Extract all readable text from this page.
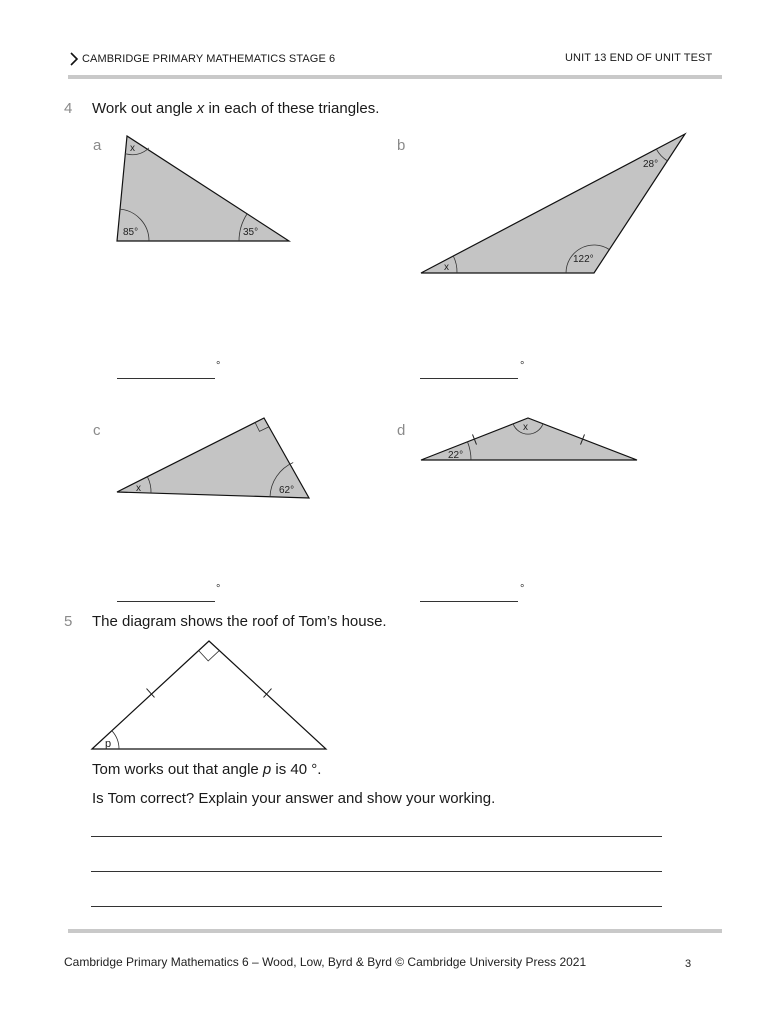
CAMBRIDGE PRIMARY MATHEMATICS STAGE 6	UNIT 13 END OF UNIT TEST
4 Work out angle x in each of these triangles.
a	x
85°	35°
b
28°
x
122°
°	°
c
x	62°
d	x
22°
°	°
5 The diagram shows the roof of Tom’s house.
p
Tom works out that angle p is 40 °.
Is Tom correct? Explain your answer and show your working.
Cambridge Primary Mathematics 6 – Wood, Low, Byrd & Byrd © Cambridge University Press 2021	3
